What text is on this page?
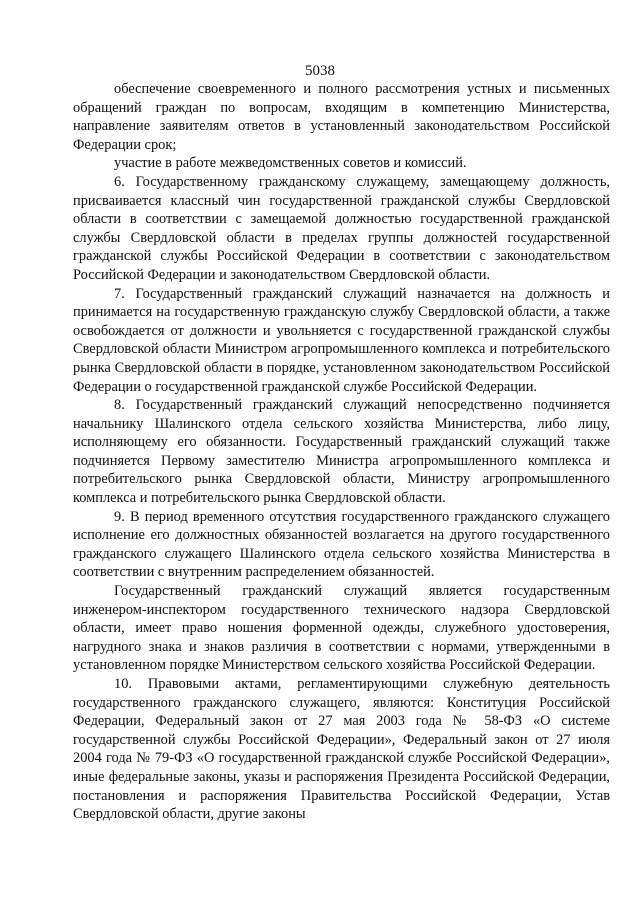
5038

обеспечение своевременного и полного рассмотрения устных и письменных обращений граждан по вопросам, входящим в компетенцию Министерства, направление заявителям ответов в установленный законодательством Российской Федерации срок;

участие в работе межведомственных советов и комиссий.

6. Государственному гражданскому служащему, замещающему должность, присваивается классный чин государственной гражданской службы Свердловской области в соответствии с замещаемой должностью государственной гражданской службы Свердловской области в пределах группы должностей государственной гражданской службы Российской Федерации в соответствии с законодательством Российской Федерации и законодательством Свердловской области.

7. Государственный гражданский служащий назначается на должность и принимается на государственную гражданскую службу Свердловской области, а также освобождается от должности и увольняется с государственной гражданской службы Свердловской области Министром агропромышленного комплекса и потребительского рынка Свердловской области в порядке, установленном законодательством Российской Федерации о государственной гражданской службе Российской Федерации.

8. Государственный гражданский служащий непосредственно подчиняется начальнику Шалинского отдела сельского хозяйства Министерства, либо лицу, исполняющему его обязанности. Государственный гражданский служащий также подчиняется Первому заместителю Министра агропромышленного комплекса и потребительского рынка Свердловской области, Министру агропромышленного комплекса и потребительского рынка Свердловской области.

9. В период временного отсутствия государственного гражданского служащего исполнение его должностных обязанностей возлагается на другого государственного гражданского служащего Шалинского отдела сельского хозяйства Министерства в соответствии с внутренним распределением обязанностей.

Государственный гражданский служащий является государственным инженером-инспектором государственного технического надзора Свердловской области, имеет право ношения форменной одежды, служебного удостоверения, нагрудного знака и знаков различия в соответствии с нормами, утвержденными в установленном порядке Министерством сельского хозяйства Российской Федерации.

10. Правовыми актами, регламентирующими служебную деятельность государственного гражданского служащего, являются: Конституция Российской Федерации, Федеральный закон от 27 мая 2003 года № 58-ФЗ «О системе государственной службы Российской Федерации», Федеральный закон от 27 июля 2004 года № 79-ФЗ «О государственной гражданской службе Российской Федерации», иные федеральные законы, указы и распоряжения Президента Российской Федерации, постановления и распоряжения Правительства Российской Федерации, Устав Свердловской области, другие законы
